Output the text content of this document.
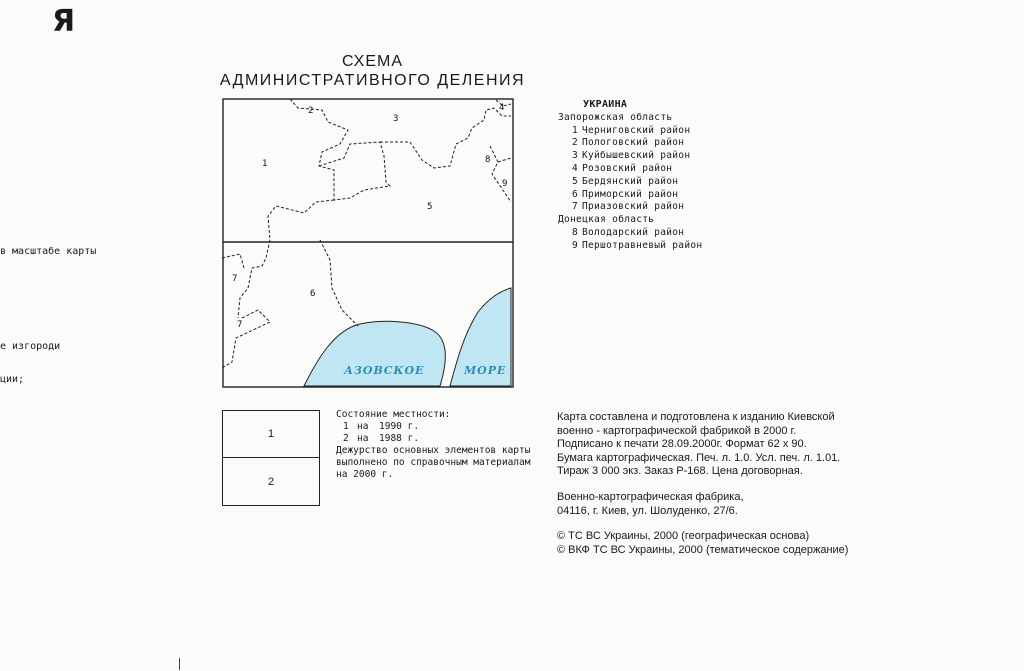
Я
в масштабе карты
е изгороди
ции;
СХЕМА
АДМИНИСТРАТИВНОГО ДЕЛЕНИЯ
1
2
3
4
5
6
7
7
8
9
АЗОВСКОЕ	МОРЕ
УКРАИНА
Запорожская область
1 Черниговский район
2 Пологовский район
3 Куйбышевский район
4 Розовский район
5 Бердянский район
6 Приморский район
7 Приазовский район
Донецкая область
8 Володарский район
9 Першотравневый район
1
2
Состояние местности:
1 на 1990 г.
2 на 1988 г.
Дежурство основных элементов карты
выполнено по справочным материалам
на 2000 г.
Карта составлена и подготовлена к изданию Киевской
военно - картографической фабрикой в 2000 г.
Подписано к печати 28.09.2000г. Формат 62 х 90.
Бумага картографическая. Печ. л. 1.0. Усл. печ. л. 1.01.
Тираж 3 000 экз. Заказ Р-168. Цена договорная.
Военно-картографическая фабрика,
04116, г. Киев, ул. Шолуденко, 27/6.
© ТС ВС Украины, 2000 (географическая основа)
© ВКФ ТС ВС Украины, 2000 (тематическое содержание)
